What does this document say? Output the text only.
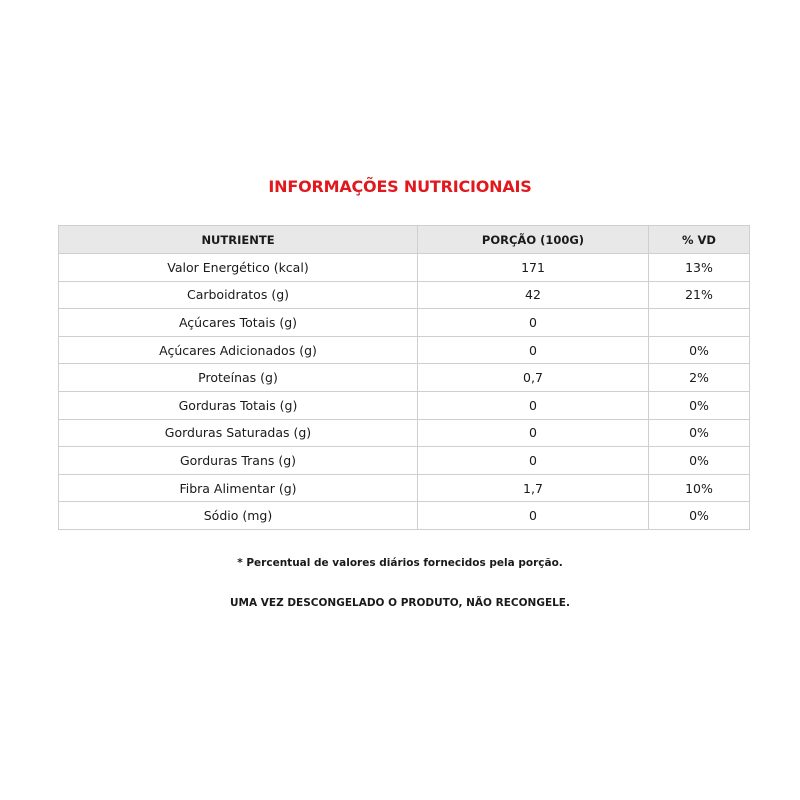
INFORMAÇÕES NUTRICIONAIS
NUTRIENTE	PORÇÃO (100G)	% VD
Valor Energético (kcal)	171	13%
Carboidratos (g)	42	21%
Açúcares Totais (g)	0	
Açúcares Adicionados (g)	0	0%
Proteínas (g)	0,7	2%
Gorduras Totais (g)	0	0%
Gorduras Saturadas (g)	0	0%
Gorduras Trans (g)	0	0%
Fibra Alimentar (g)	1,7	10%
Sódio (mg)	0	0%
* Percentual de valores diários fornecidos pela porção.
UMA VEZ DESCONGELADO O PRODUTO, NÃO RECONGELE.
